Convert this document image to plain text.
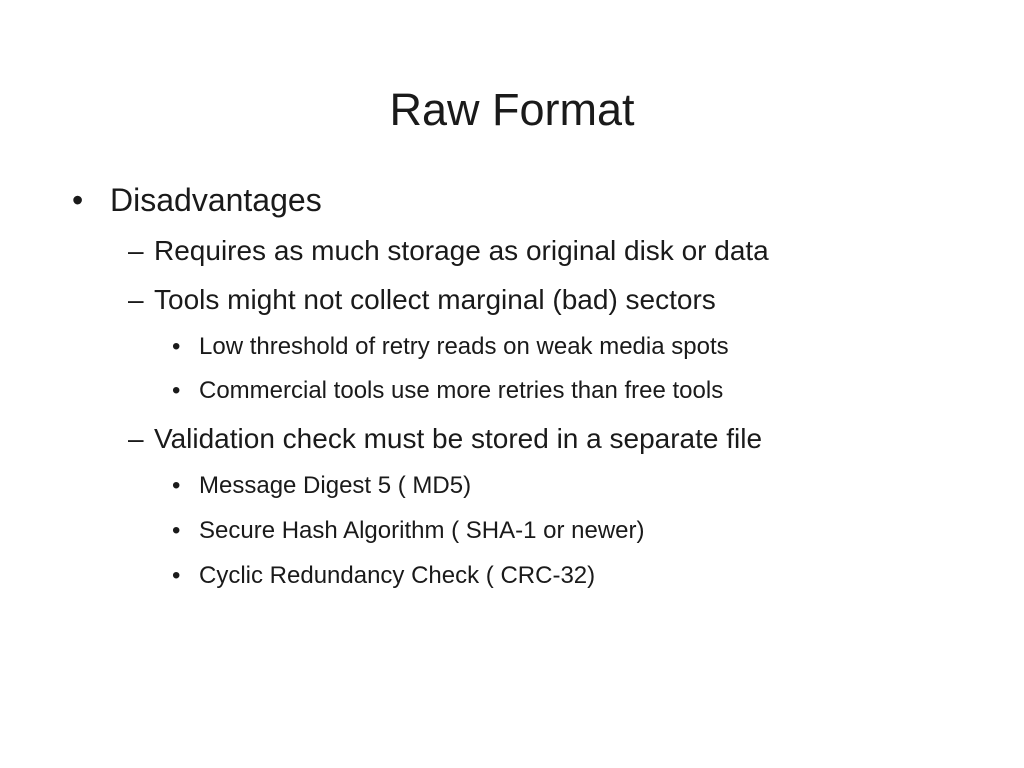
Raw Format
• Disadvantages
– Requires as much storage as original disk or data
– Tools might not collect marginal (bad) sectors
• Low threshold of retry reads on weak media spots
• Commercial tools use more retries than free tools
– Validation check must be stored in a separate file
• Message Digest 5 ( MD5)
• Secure Hash Algorithm ( SHA-1 or newer)
• Cyclic Redundancy Check ( CRC-32)
